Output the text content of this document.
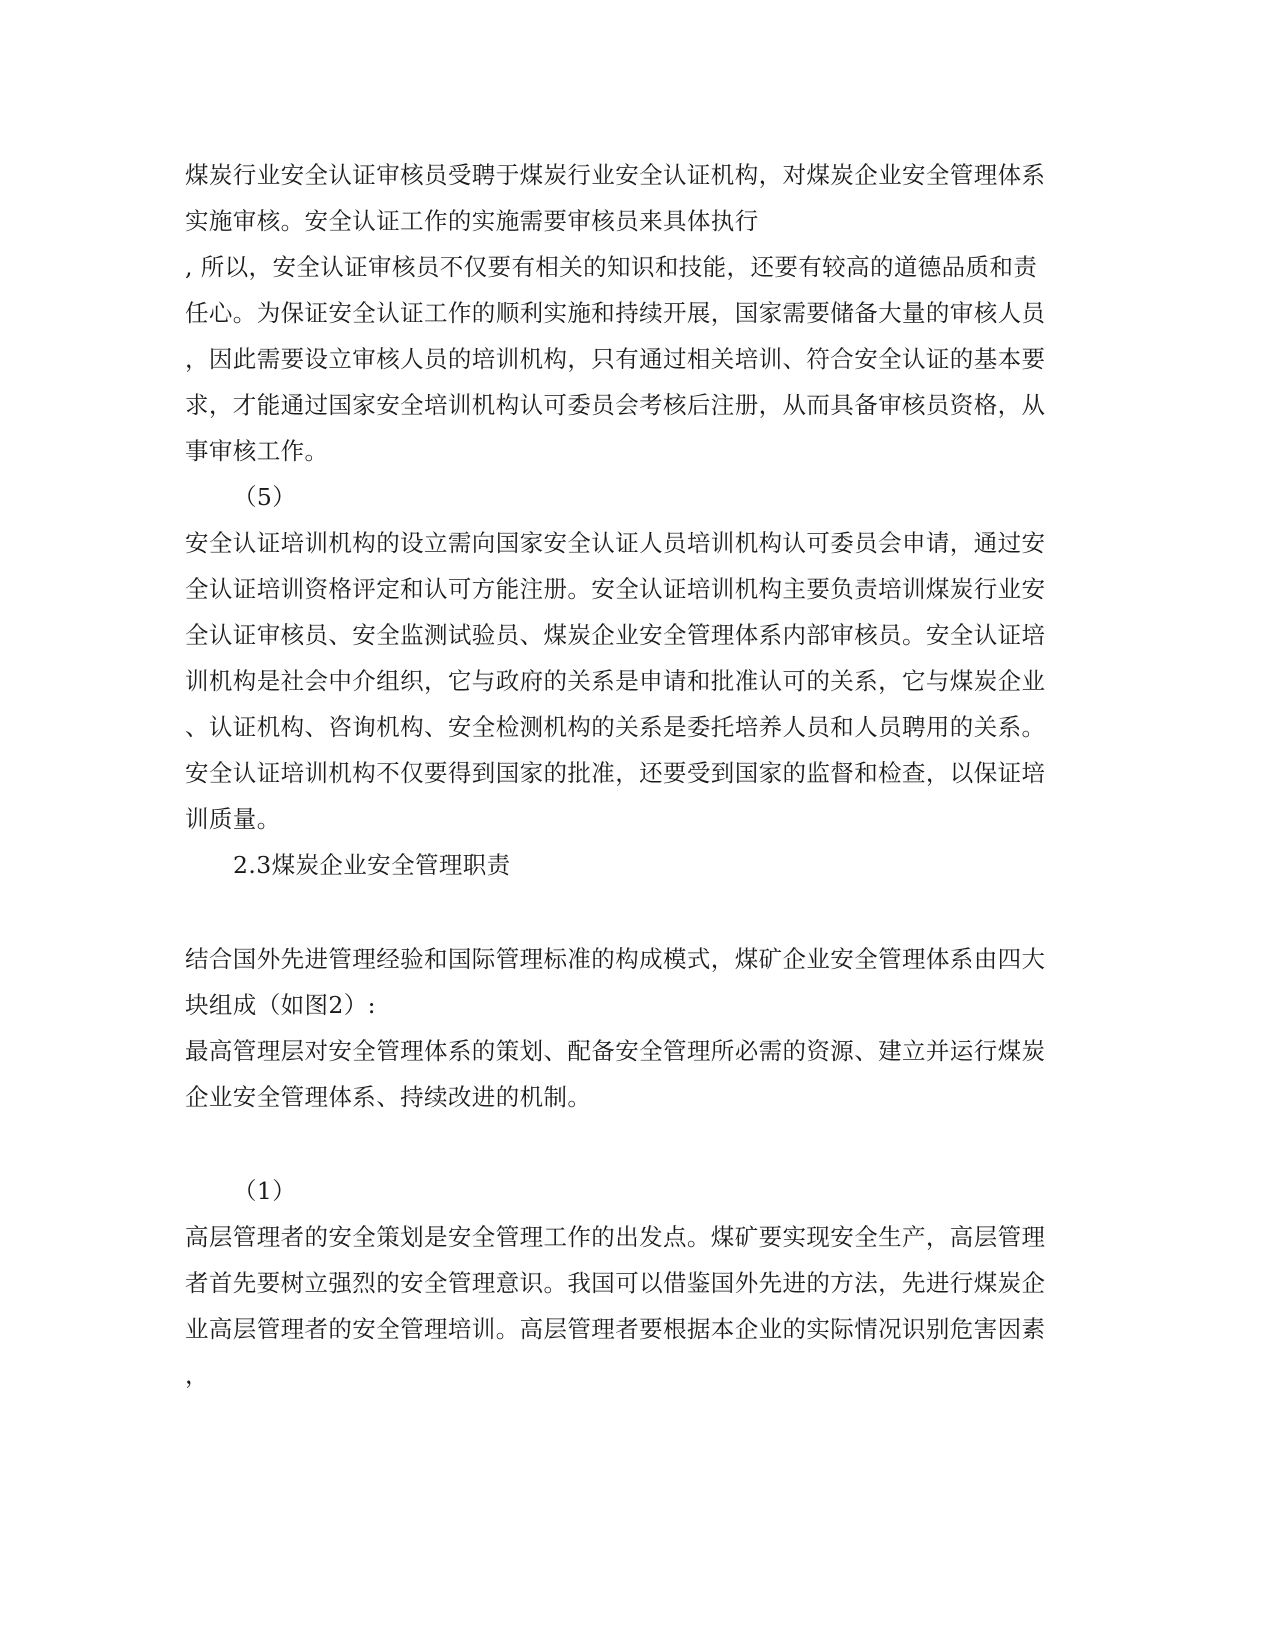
煤炭行业安全认证审核员受聘于煤炭行业安全认证机构，对煤炭企业安全管理体系
实施审核。安全认证工作的实施需要审核员来具体执行
, 所以，安全认证审核员不仅要有相关的知识和技能，还要有较高的道德品质和责
任心。为保证安全认证工作的顺利实施和持续开展，国家需要储备大量的审核人员
，因此需要设立审核人员的培训机构，只有通过相关培训、符合安全认证的基本要
求，才能通过国家安全培训机构认可委员会考核后注册，从而具备审核员资格，从
事审核工作。
（5）
安全认证培训机构的设立需向国家安全认证人员培训机构认可委员会申请，通过安
全认证培训资格评定和认可方能注册。安全认证培训机构主要负责培训煤炭行业安
全认证审核员、安全监测试验员、煤炭企业安全管理体系内部审核员。安全认证培
训机构是社会中介组织，它与政府的关系是申请和批准认可的关系，它与煤炭企业
、认证机构、咨询机构、安全检测机构的关系是委托培养人员和人员聘用的关系。
安全认证培训机构不仅要得到国家的批准，还要受到国家的监督和检查，以保证培
训质量。
2.3煤炭企业安全管理职责
结合国外先进管理经验和国际管理标准的构成模式，煤矿企业安全管理体系由四大
块组成（如图2）:
最高管理层对安全管理体系的策划、配备安全管理所必需的资源、建立并运行煤炭
企业安全管理体系、持续改进的机制。
（1）
高层管理者的安全策划是安全管理工作的出发点。煤矿要实现安全生产，高层管理
者首先要树立强烈的安全管理意识。我国可以借鉴国外先进的方法，先进行煤炭企
业高层管理者的安全管理培训。高层管理者要根据本企业的实际情况识别危害因素
，
